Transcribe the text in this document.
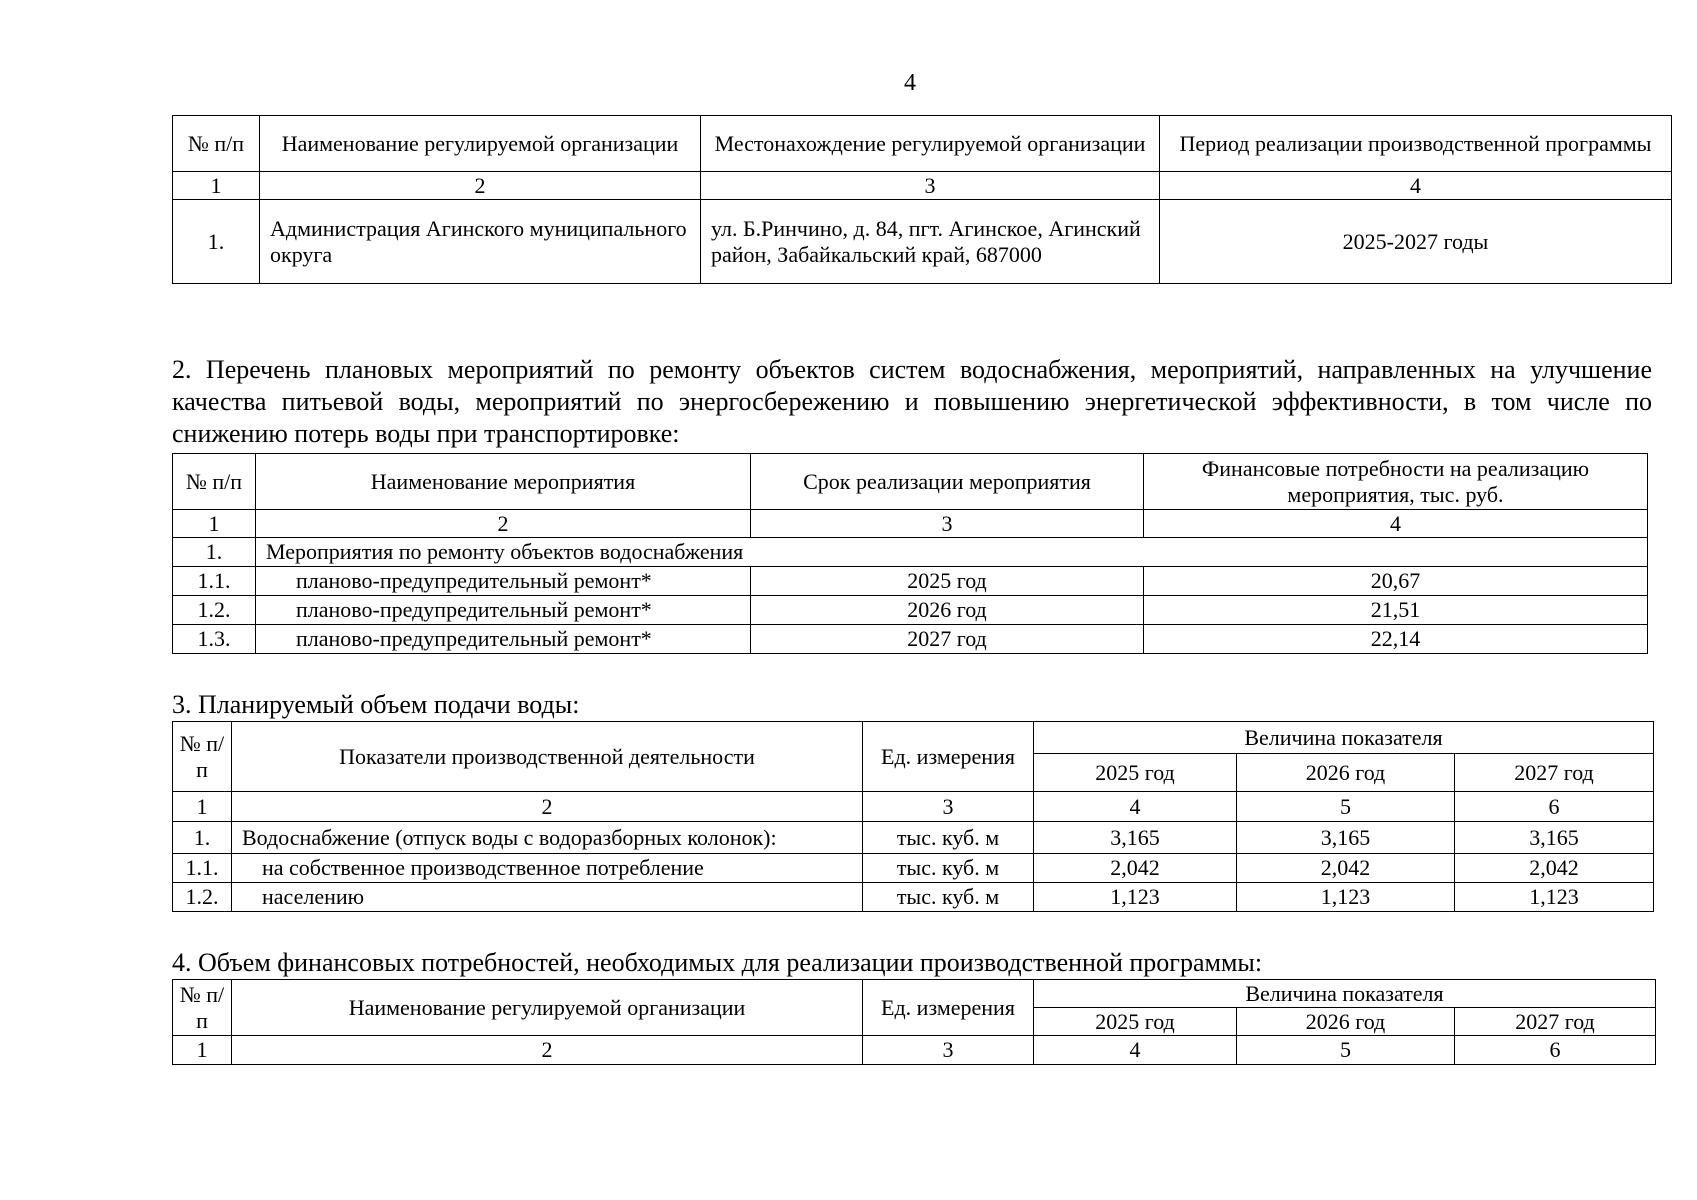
4
№ п/п	Наименование регулируемой организации	Местонахождение регулируемой организации	Период реализации производственной программы
1	2	3	4
1.	Администрация Агинского муниципального округа	ул. Б.Ринчино, д. 84, пгт. Агинское, Агинский район, Забайкальский край, 687000	2025-2027 годы

2. Перечень плановых мероприятий по ремонту объектов систем водоснабжения, мероприятий, направленных на улучшение качества питьевой воды, мероприятий по энергосбережению и повышению энергетической эффективности, в том числе по снижению потерь воды при транспортировке:

№ п/п	Наименование мероприятия	Срок реализации мероприятия	Финансовые потребности на реализацию мероприятия, тыс. руб.
1	2	3	4
1.	Мероприятия по ремонту объектов водоснабжения		
1.1.	планово-предупредительный ремонт*	2025 год	20,67
1.2.	планово-предупредительный ремонт*	2026 год	21,51
1.3.	планово-предупредительный ремонт*	2027 год	22,14

3. Планируемый объем подачи воды:

№ п/п	Показатели производственной деятельности	Ед. измерения	Величина показателя		
			2025 год	2026 год	2027 год
1	2	3	4	5	6
1.	Водоснабжение (отпуск воды с водоразборных колонок):	тыс. куб. м	3,165	3,165	3,165
1.1.	на собственное производственное потребление	тыс. куб. м	2,042	2,042	2,042
1.2.	населению	тыс. куб. м	1,123	1,123	1,123

4. Объем финансовых потребностей, необходимых для реализации производственной программы:

№ п/п	Наименование регулируемой организации	Ед. измерения	Величина показателя		
			2025 год	2026 год	2027 год
1	2	3	4	5	6
